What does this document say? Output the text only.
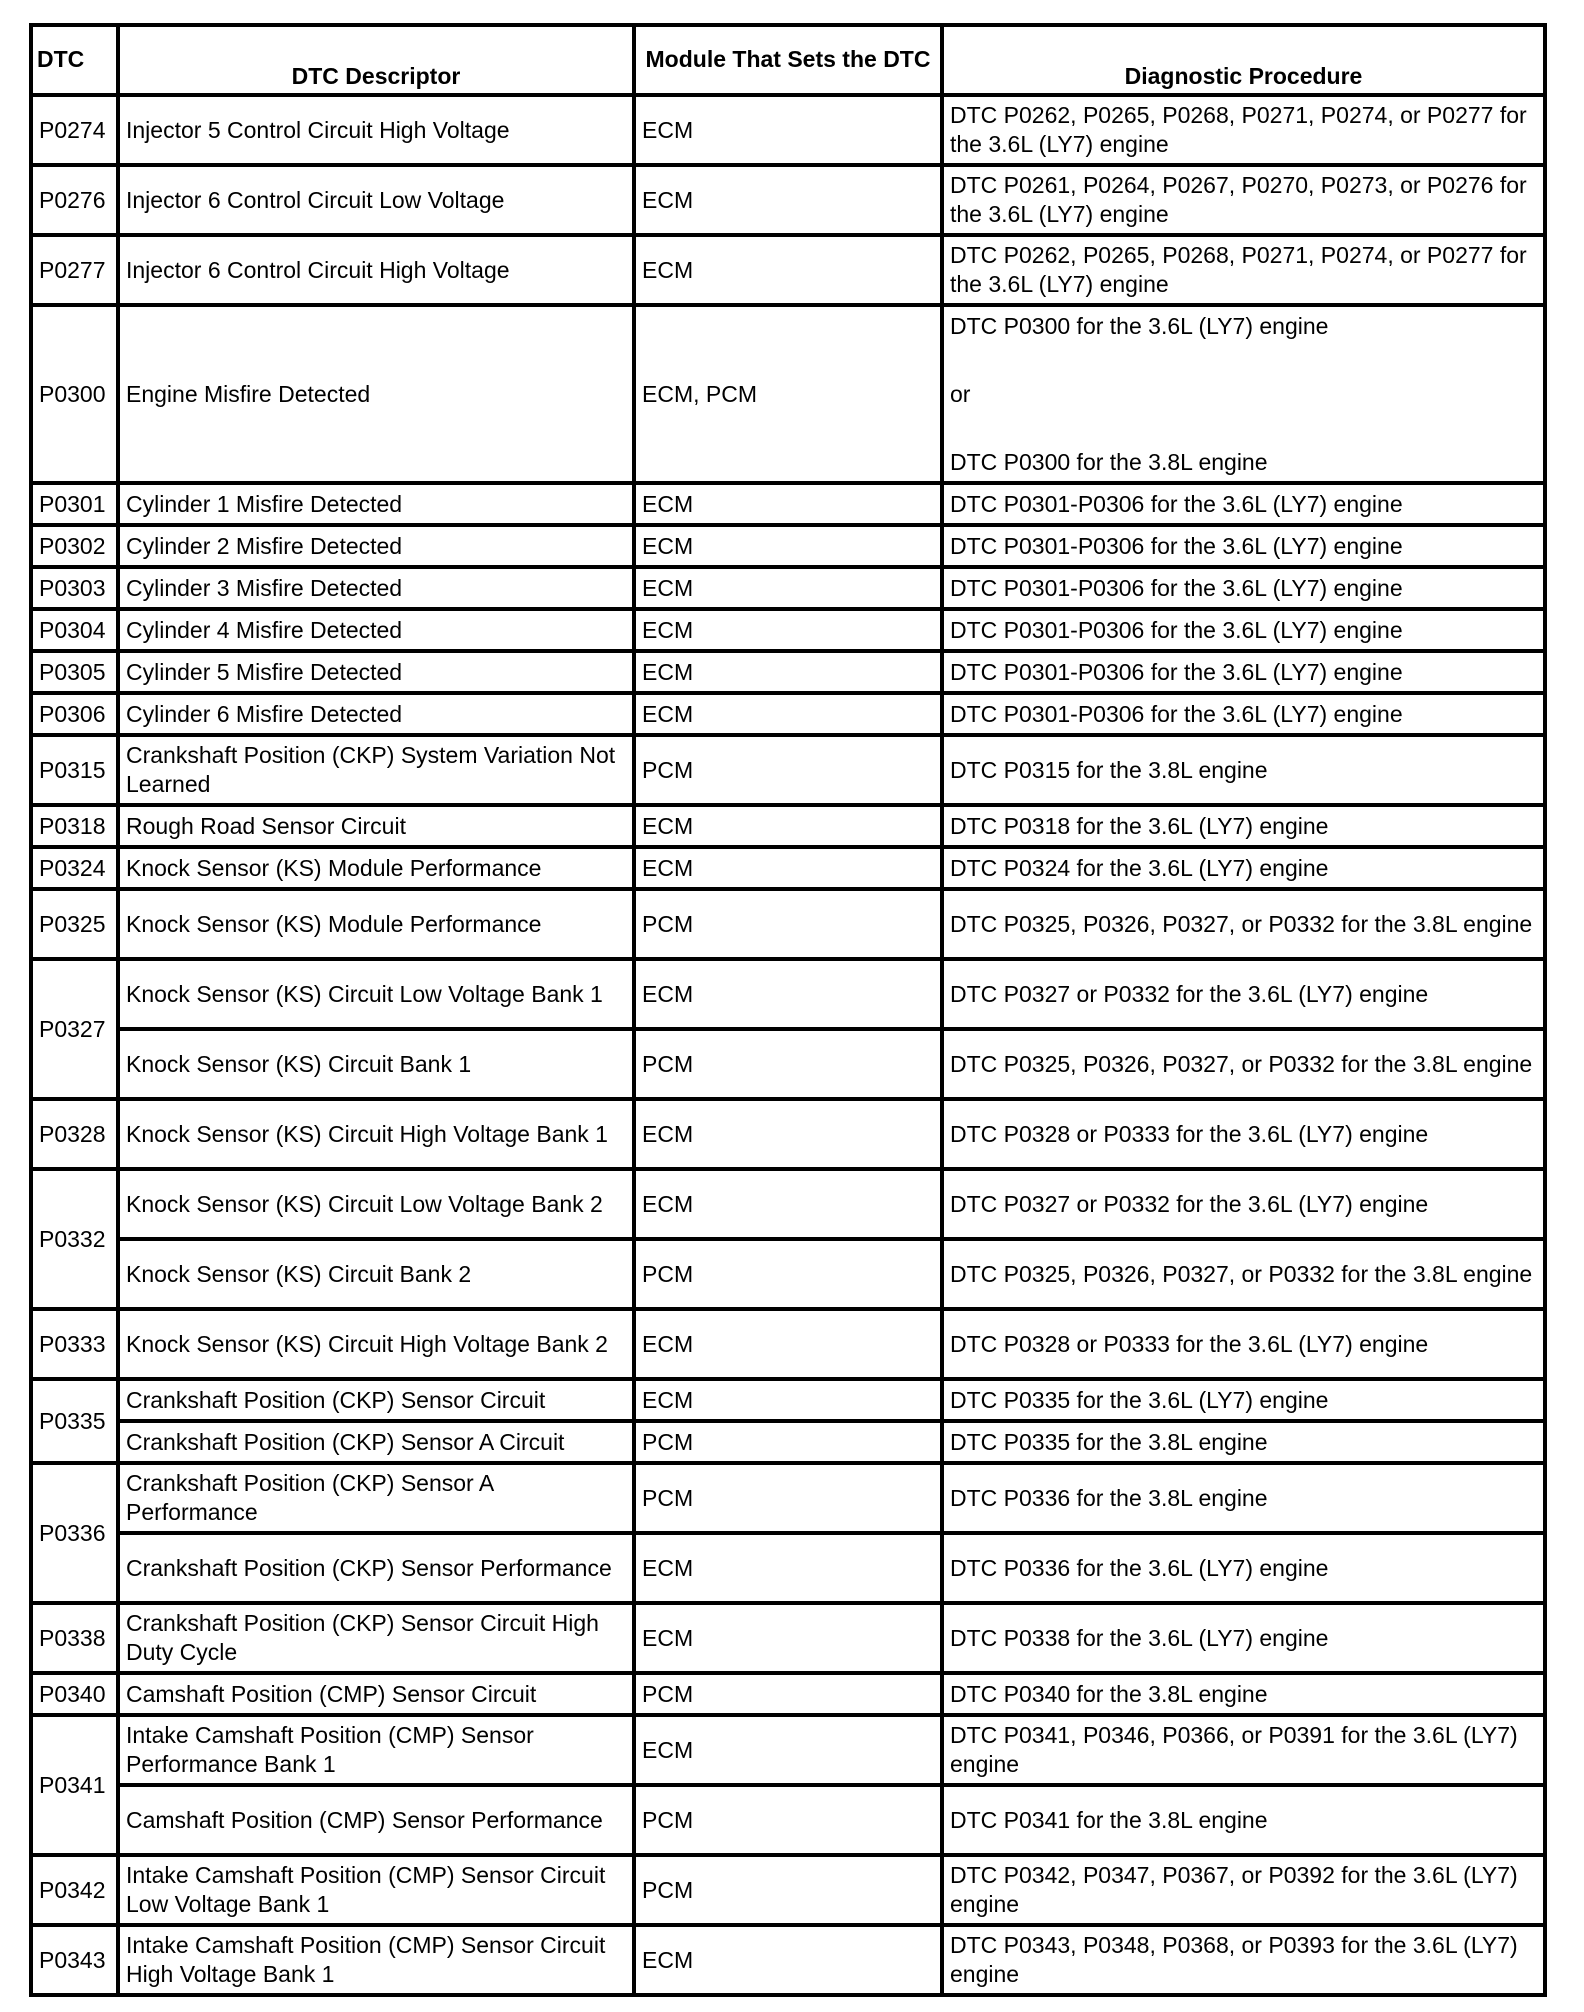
DTC	DTC Descriptor	Module That Sets the DTC	Diagnostic Procedure
P0274	Injector 5 Control Circuit High Voltage	ECM	DTC P0262, P0265, P0268, P0271, P0274, or P0277 for the 3.6L (LY7) engine
P0276	Injector 6 Control Circuit Low Voltage	ECM	DTC P0261, P0264, P0267, P0270, P0273, or P0276 for the 3.6L (LY7) engine
P0277	Injector 6 Control Circuit High Voltage	ECM	DTC P0262, P0265, P0268, P0271, P0274, or P0277 for the 3.6L (LY7) engine
P0300	Engine Misfire Detected	ECM, PCM	DTC P0300 for the 3.6L (LY7) engine

or

DTC P0300 for the 3.8L engine

P0301	Cylinder 1 Misfire Detected	ECM	DTC P0301-P0306 for the 3.6L (LY7) engine
P0302	Cylinder 2 Misfire Detected	ECM	DTC P0301-P0306 for the 3.6L (LY7) engine
P0303	Cylinder 3 Misfire Detected	ECM	DTC P0301-P0306 for the 3.6L (LY7) engine
P0304	Cylinder 4 Misfire Detected	ECM	DTC P0301-P0306 for the 3.6L (LY7) engine
P0305	Cylinder 5 Misfire Detected	ECM	DTC P0301-P0306 for the 3.6L (LY7) engine
P0306	Cylinder 6 Misfire Detected	ECM	DTC P0301-P0306 for the 3.6L (LY7) engine
P0315	Crankshaft Position (CKP) System Variation Not Learned	PCM	DTC P0315 for the 3.8L engine
P0318	Rough Road Sensor Circuit	ECM	DTC P0318 for the 3.6L (LY7) engine
P0324	Knock Sensor (KS) Module Performance	ECM	DTC P0324 for the 3.6L (LY7) engine
P0325	Knock Sensor (KS) Module Performance	PCM	DTC P0325, P0326, P0327, or P0332 for the 3.8L engine
P0327	Knock Sensor (KS) Circuit Low Voltage Bank 1	ECM	DTC P0327 or P0332 for the 3.6L (LY7) engine
	Knock Sensor (KS) Circuit Bank 1	PCM	DTC P0325, P0326, P0327, or P0332 for the 3.8L engine
P0328	Knock Sensor (KS) Circuit High Voltage Bank 1	ECM	DTC P0328 or P0333 for the 3.6L (LY7) engine
P0332	Knock Sensor (KS) Circuit Low Voltage Bank 2	ECM	DTC P0327 or P0332 for the 3.6L (LY7) engine
	Knock Sensor (KS) Circuit Bank 2	PCM	DTC P0325, P0326, P0327, or P0332 for the 3.8L engine
P0333	Knock Sensor (KS) Circuit High Voltage Bank 2	ECM	DTC P0328 or P0333 for the 3.6L (LY7) engine
P0335	Crankshaft Position (CKP) Sensor Circuit	ECM	DTC P0335 for the 3.6L (LY7) engine
	Crankshaft Position (CKP) Sensor A Circuit	PCM	DTC P0335 for the 3.8L engine
P0336	Crankshaft Position (CKP) Sensor A Performance	PCM	DTC P0336 for the 3.8L engine
	Crankshaft Position (CKP) Sensor Performance	ECM	DTC P0336 for the 3.6L (LY7) engine
P0338	Crankshaft Position (CKP) Sensor Circuit High Duty Cycle	ECM	DTC P0338 for the 3.6L (LY7) engine
P0340	Camshaft Position (CMP) Sensor Circuit	PCM	DTC P0340 for the 3.8L engine
P0341	Intake Camshaft Position (CMP) Sensor Performance Bank 1	ECM	DTC P0341, P0346, P0366, or P0391 for the 3.6L (LY7) engine
	Camshaft Position (CMP) Sensor Performance	PCM	DTC P0341 for the 3.8L engine
P0342	Intake Camshaft Position (CMP) Sensor Circuit Low Voltage Bank 1	PCM	DTC P0342, P0347, P0367, or P0392 for the 3.6L (LY7) engine
P0343	Intake Camshaft Position (CMP) Sensor Circuit High Voltage Bank 1	ECM	DTC P0343, P0348, P0368, or P0393 for the 3.6L (LY7) engine
